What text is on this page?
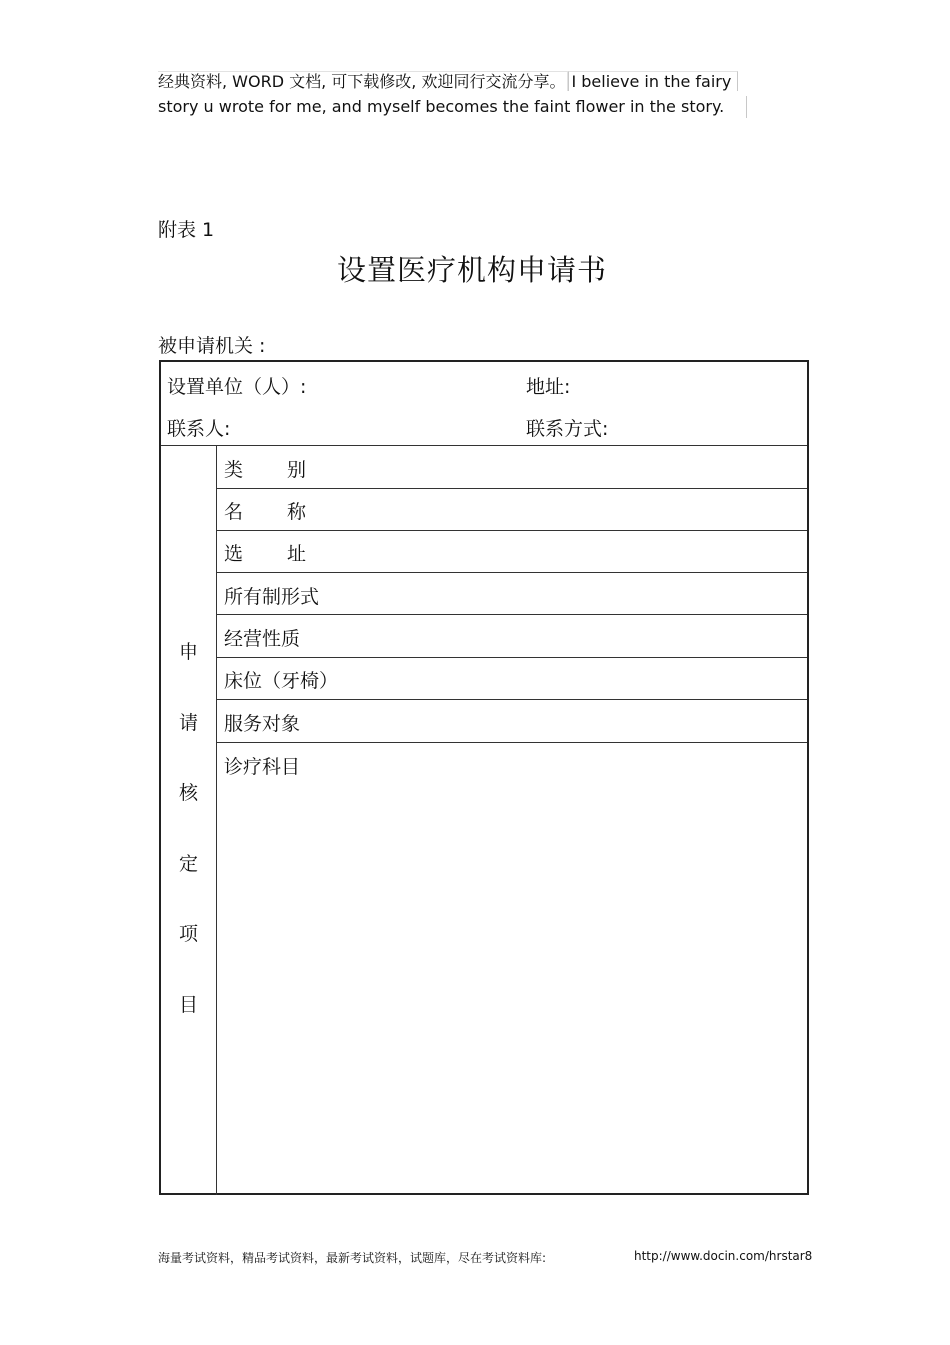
经典资料, WORD 文档, 可下载修改, 欢迎同行交流分享。 I believe in the fairy
story u wrote for me, and myself becomes the faint flower in the story.
附表 1
设置医疗机构申请书
被申请机关 :
设置单位（人）:	地址:
联系人:	联系方式:
申
请
核
定
项
目
类 别
名 称
选 址
所有制形式
经营性质
床位（牙椅）
服务对象
诊疗科目
海量考试资料，精品考试资料，最新考试资料，试题库，尽在考试资料库:	http://www.docin.com/hrstar8
